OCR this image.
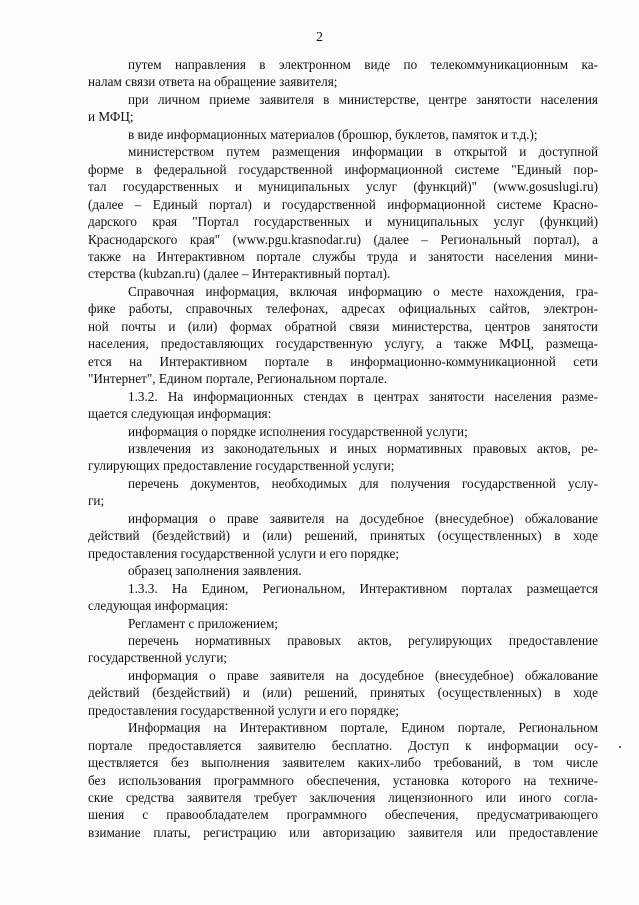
2
путем направления в электронном виде по телекоммуникационным ка-
налам связи ответа на обращение заявителя;
при личном приеме заявителя в министерстве, центре занятости населения
и МФЦ;
в виде информационных материалов (брошюр, буклетов, памяток и т.д.);
министерством путем размещения информации в открытой и доступной
форме в федеральной государственной информационной системе "Единый пор-
тал государственных и муниципальных услуг (функций)" (www.gosuslugi.ru)
(далее – Единый портал) и государственной информационной системе Красно-
дарского края "Портал государственных и муниципальных услуг (функций)
Краснодарского края" (www.pgu.krasnodar.ru) (далее – Региональный портал), а
также на Интерактивном портале службы труда и занятости населения мини-
стерства (kubzan.ru) (далее – Интерактивный портал).
Справочная информация, включая информацию о месте нахождения, гра-
фике работы, справочных телефонах, адресах официальных сайтов, электрон-
ной почты и (или) формах обратной связи министерства, центров занятости
населения, предоставляющих государственную услугу, а также МФЦ, размеща-
ется на Интерактивном портале в информационно-коммуникационной сети
"Интернет", Едином портале, Региональном портале.
1.3.2. На информационных стендах в центрах занятости населения разме-
щается следующая информация:
информация о порядке исполнения государственной услуги;
извлечения из законодательных и иных нормативных правовых актов, ре-
гулирующих предоставление государственной услуги;
перечень документов, необходимых для получения государственной услу-
ги;
информация о праве заявителя на досудебное (внесудебное) обжалование
действий (бездействий) и (или) решений, принятых (осуществленных) в ходе
предоставления государственной услуги и его порядке;
образец заполнения заявления.
1.3.3. На Едином, Региональном, Интерактивном порталах размещается
следующая информация:
Регламент с приложением;
перечень нормативных правовых актов, регулирующих предоставление
государственной услуги;
информация о праве заявителя на досудебное (внесудебное) обжалование
действий (бездействий) и (или) решений, принятых (осуществленных) в ходе
предоставления государственной услуги и его порядке;
Информация на Интерактивном портале, Едином портале, Региональном
портале предоставляется заявителю бесплатно. Доступ к информации осу-
ществляется без выполнения заявителем каких-либо требований, в том числе
без использования программного обеспечения, установка которого на техниче-
ские средства заявителя требует заключения лицензионного или иного согла-
шения с правообладателем программного обеспечения, предусматривающего
взимание платы, регистрацию или авторизацию заявителя или предоставление
